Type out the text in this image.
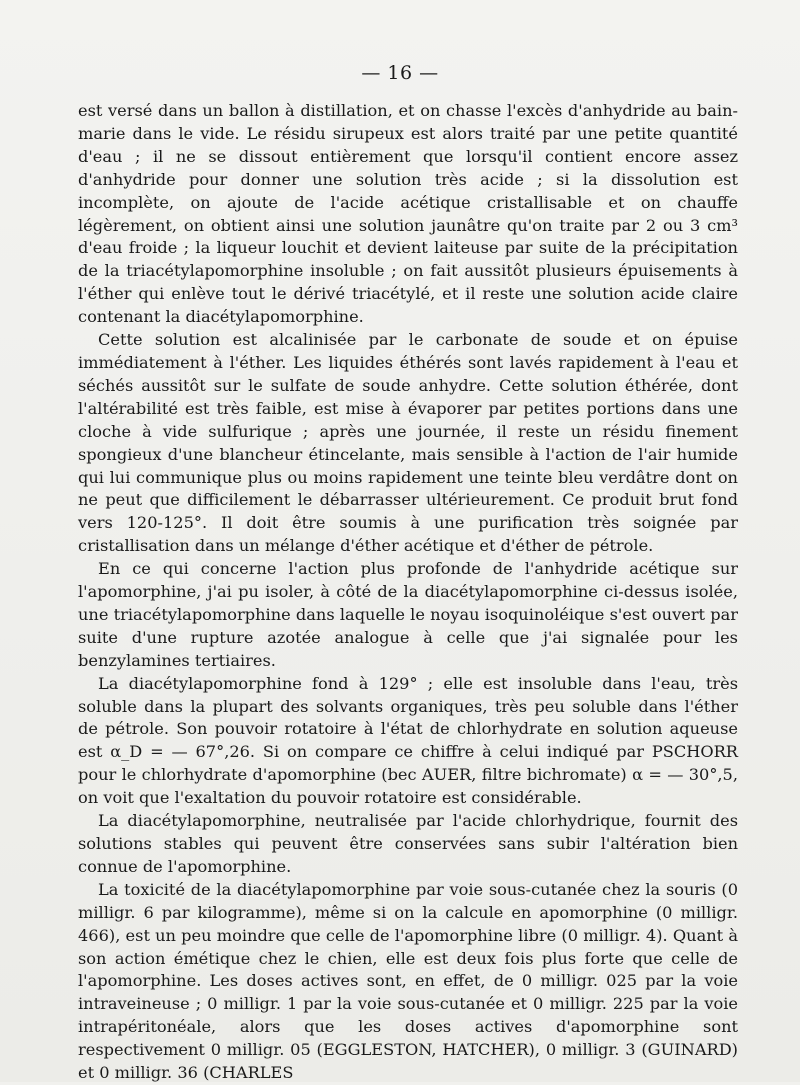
— 16 —

est versé dans un ballon à distillation, et on chasse l'excès d'anhydride au bain-marie dans le vide. Le résidu sirupeux est alors traité par une petite quantité d'eau ; il ne se dissout entièrement que lorsqu'il contient encore assez d'anhydride pour donner une solution très acide ; si la dissolution est incomplète, on ajoute de l'acide acétique cristallisable et on chauffe légèrement, on obtient ainsi une solution jaunâtre qu'on traite par 2 ou 3 cm³ d'eau froide ; la liqueur louchit et devient laiteuse par suite de la précipitation de la triacétylapomorphine insoluble ; on fait aussitôt plusieurs épuisements à l'éther qui enlève tout le dérivé triacétylé, et il reste une solution acide claire contenant la diacétylapomorphine.

Cette solution est alcalinisée par le carbonate de soude et on épuise immédiatement à l'éther. Les liquides éthérés sont lavés rapidement à l'eau et séchés aussitôt sur le sulfate de soude anhydre. Cette solution éthérée, dont l'altérabilité est très faible, est mise à évaporer par petites portions dans une cloche à vide sulfurique ; après une journée, il reste un résidu finement spongieux d'une blancheur étincelante, mais sensible à l'action de l'air humide qui lui communique plus ou moins rapidement une teinte bleu verdâtre dont on ne peut que difficilement le débarrasser ultérieurement. Ce produit brut fond vers 120-125°. Il doit être soumis à une purification très soignée par cristallisation dans un mélange d'éther acétique et d'éther de pétrole.

En ce qui concerne l'action plus profonde de l'anhydride acétique sur l'apomorphine, j'ai pu isoler, à côté de la diacétylapomorphine ci-dessus isolée, une triacétylapomorphine dans laquelle le noyau isoquinoléique s'est ouvert par suite d'une rupture azotée analogue à celle que j'ai signalée pour les benzylamines tertiaires.

La diacétylapomorphine fond à 129° ; elle est insoluble dans l'eau, très soluble dans la plupart des solvants organiques, très peu soluble dans l'éther de pétrole. Son pouvoir rotatoire à l'état de chlorhydrate en solution aqueuse est α_D = — 67°,26. Si on compare ce chiffre à celui indiqué par PSCHORR pour le chlorhydrate d'apomorphine (bec AUER, filtre bichromate) α = — 30°,5, on voit que l'exaltation du pouvoir rotatoire est considérable.

La diacétylapomorphine, neutralisée par l'acide chlorhydrique, fournit des solutions stables qui peuvent être conservées sans subir l'altération bien connue de l'apomorphine.

La toxicité de la diacétylapomorphine par voie sous-cutanée chez la souris (0 milligr. 6 par kilogramme), même si on la calcule en apomorphine (0 milligr. 466), est un peu moindre que celle de l'apomorphine libre (0 milligr. 4). Quant à son action émétique chez le chien, elle est deux fois plus forte que celle de l'apomorphine. Les doses actives sont, en effet, de 0 milligr. 025 par la voie intraveineuse ; 0 milligr. 1 par la voie sous-cutanée et 0 milligr. 225 par la voie intrapéritonéale, alors que les doses actives d'apomorphine sont respectivement 0 milligr. 05 (EGGLESTON, HATCHER), 0 milligr. 3 (GUINARD) et 0 milligr. 36 (CHARLES
